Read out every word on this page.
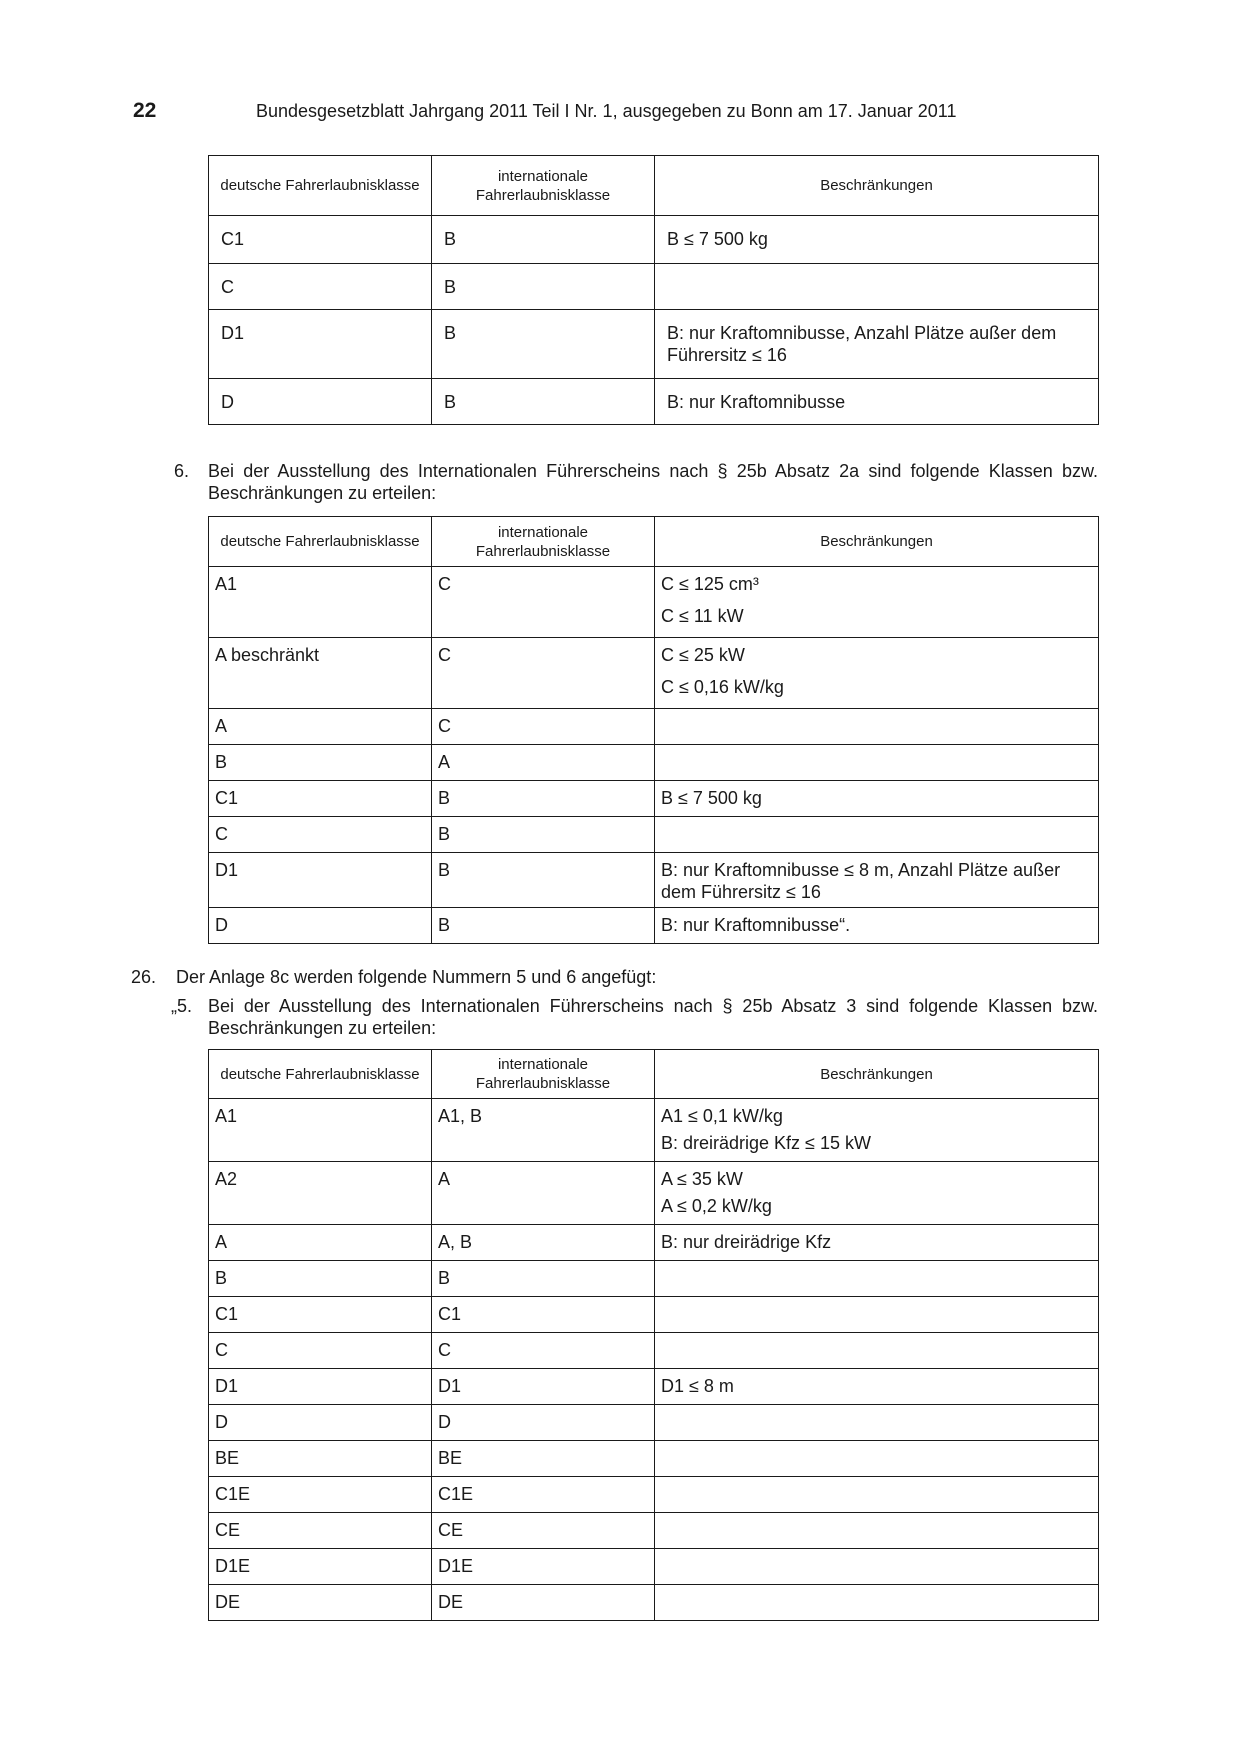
22	Bundesgesetzblatt Jahrgang 2011 Teil I Nr. 1, ausgegeben zu Bonn am 17. Januar 2011
deutsche Fahrerlaubnisklasse	internationale Fahrerlaubnisklasse	Beschränkungen
C1	B	B ≤ 7 500 kg

C	B	
D1	B	B: nur Kraftomnibusse, Anzahl Plätze außer dem Führersitz ≤ 16

D	B	B: nur Kraftomnibusse
6. Bei der Ausstellung des Internationalen Führerscheins nach § 25b Absatz 2a sind folgende Klassen bzw. Beschränkungen zu erteilen:
deutsche Fahrerlaubnisklasse	internationale Fahrerlaubnisklasse	Beschränkungen
A1	C	C ≤ 125 cm³
C ≤ 11 kW

A beschränkt	C	C ≤ 25 kW
C ≤ 0,16 kW/kg

A	C	
B	A	
C1	B	B ≤ 7 500 kg

C	B	
D1	B	B: nur Kraftomnibusse ≤ 8 m, Anzahl Plätze außer dem Führersitz ≤ 16

D	B	B: nur Kraftomnibusse“.
26. Der Anlage 8c werden folgende Nummern 5 und 6 angefügt:
„5. Bei der Ausstellung des Internationalen Führerscheins nach § 25b Absatz 3 sind folgende Klassen bzw. Beschränkungen zu erteilen:
deutsche Fahrerlaubnisklasse	internationale Fahrerlaubnisklasse	Beschränkungen
A1	A1, B	A1 ≤ 0,1 kW/kg
B: dreirädrige Kfz ≤ 15 kW

A2	A	A ≤ 35 kW
A ≤ 0,2 kW/kg

A	A, B	B: nur dreirädrige Kfz

B	B	
C1	C1	
C	C	
D1	D1	D1 ≤ 8 m

D	D	
BE	BE	
C1E	C1E	
CE	CE	
D1E	D1E	
DE	DE	
